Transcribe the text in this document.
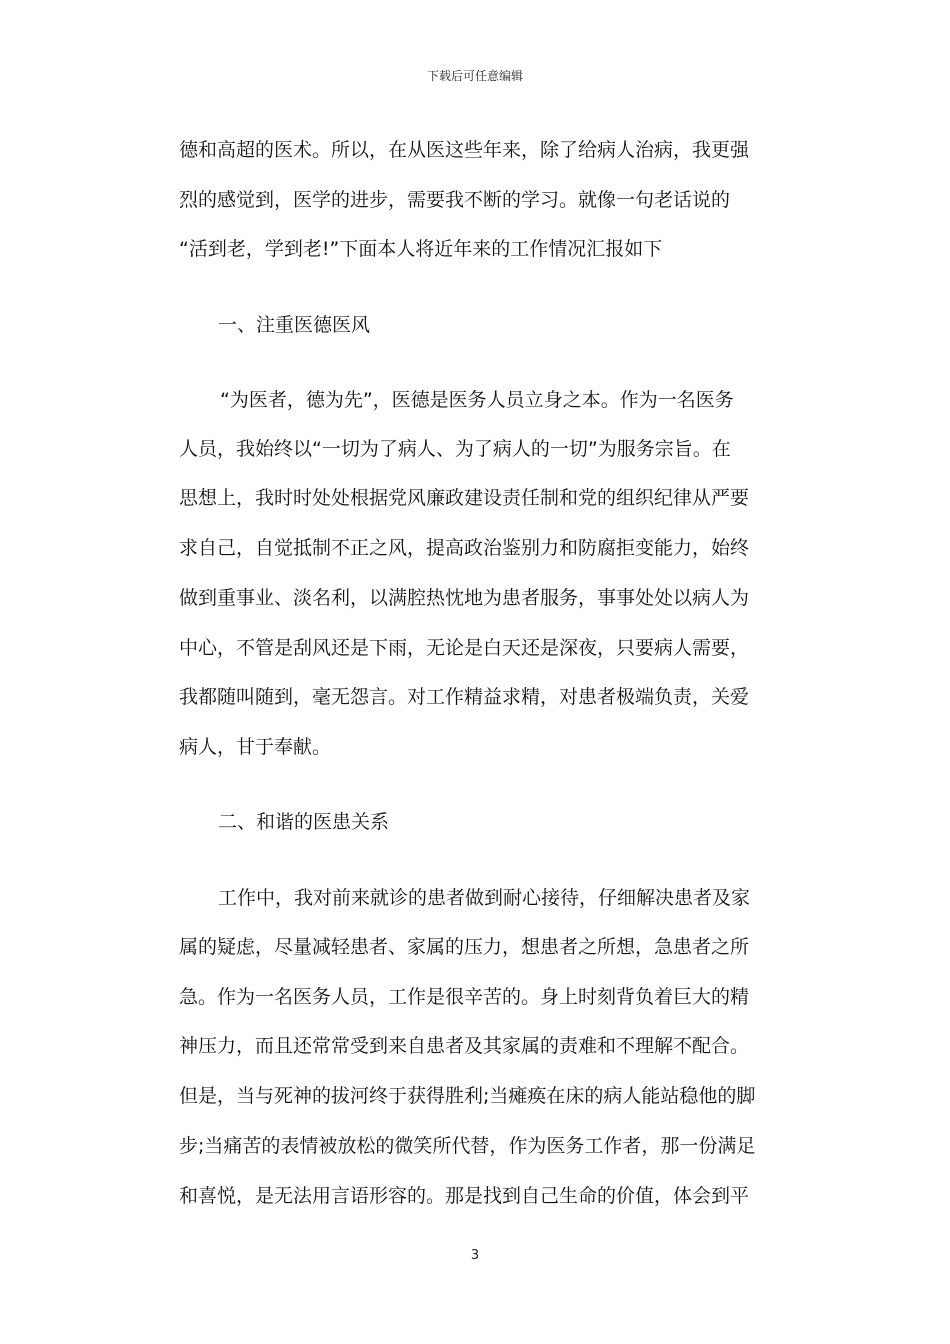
下载后可任意编辑

德和高超的医术。所以，在从医这些年来，除了给病人治病，我更强

烈的感觉到，医学的进步，需要我不断的学习。就像一句老话说的

“活到老，学到老!”下面本人将近年来的工作情况汇报如下

一、注重医德医风

“为医者，德为先”，医德是医务人员立身之本。作为一名医务

人员，我始终以“一切为了病人、为了病人的一切”为服务宗旨。在

思想上，我时时处处根据党风廉政建设责任制和党的组织纪律从严要

求自己，自觉抵制不正之风，提高政治鉴别力和防腐拒变能力，始终

做到重事业、淡名利，以满腔热忱地为患者服务，事事处处以病人为

中心，不管是刮风还是下雨，无论是白天还是深夜，只要病人需要，

我都随叫随到，毫无怨言。对工作精益求精，对患者极端负责，关爱

病人，甘于奉献。

二、和谐的医患关系

工作中，我对前来就诊的患者做到耐心接待，仔细解决患者及家

属的疑虑，尽量减轻患者、家属的压力，想患者之所想，急患者之所

急。作为一名医务人员，工作是很辛苦的。身上时刻背负着巨大的精

神压力，而且还常常受到来自患者及其家属的责难和不理解不配合。

但是，当与死神的拔河终于获得胜利;当瘫痪在床的病人能站稳他的脚

步;当痛苦的表情被放松的微笑所代替，作为医务工作者，那一份满足

和喜悦，是无法用言语形容的。那是找到自己生命的价值，体会到平

3
